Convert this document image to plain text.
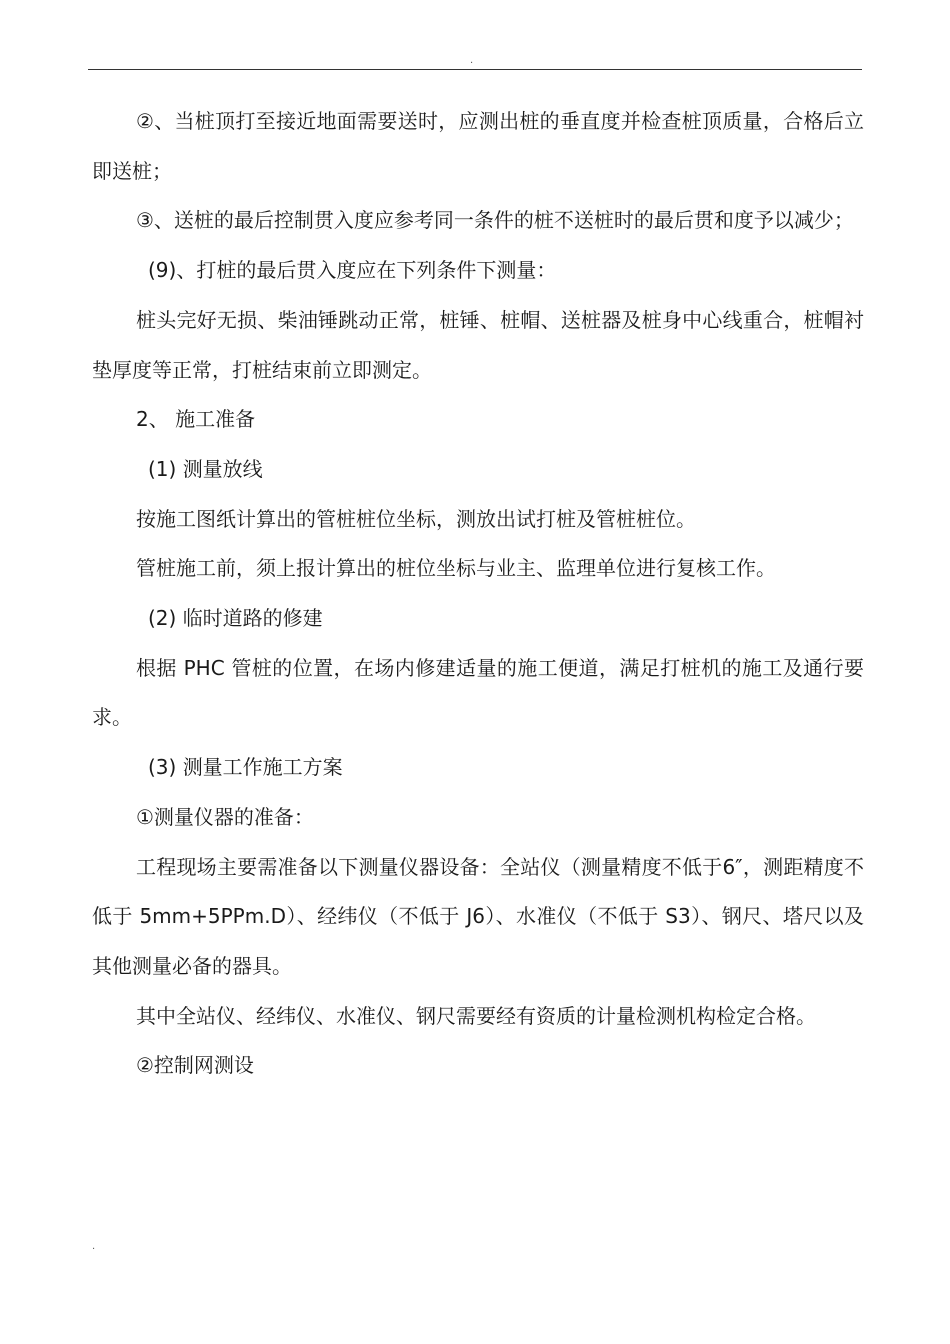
.

②、当桩顶打至接近地面需要送时，应测出桩的垂直度并检查桩顶质量，合格后立即送桩；

③、送桩的最后控制贯入度应参考同一条件的桩不送桩时的最后贯和度予以减少；

(9)、打桩的最后贯入度应在下列条件下测量：

桩头完好无损、柴油锤跳动正常，桩锤、桩帽、送桩器及桩身中心线重合，桩帽衬垫厚度等正常，打桩结束前立即测定。

2、 施工准备

(1) 测量放线

按施工图纸计算出的管桩桩位坐标，测放出试打桩及管桩桩位。

管桩施工前，须上报计算出的桩位坐标与业主、监理单位进行复核工作。

(2) 临时道路的修建

根据 PHC 管桩的位置，在场内修建适量的施工便道，满足打桩机的施工及通行要求。

(3) 测量工作施工方案

①测量仪器的准备：

工程现场主要需准备以下测量仪器设备：全站仪（测量精度不低于6″，测距精度不低于 5mm+5PPm.D）、经纬仪（不低于 J6）、水准仪（不低于 S3）、钢尺、塔尺以及其他测量必备的器具。

其中全站仪、经纬仪、水准仪、钢尺需要经有资质的计量检测机构检定合格。

②控制网测设

.
